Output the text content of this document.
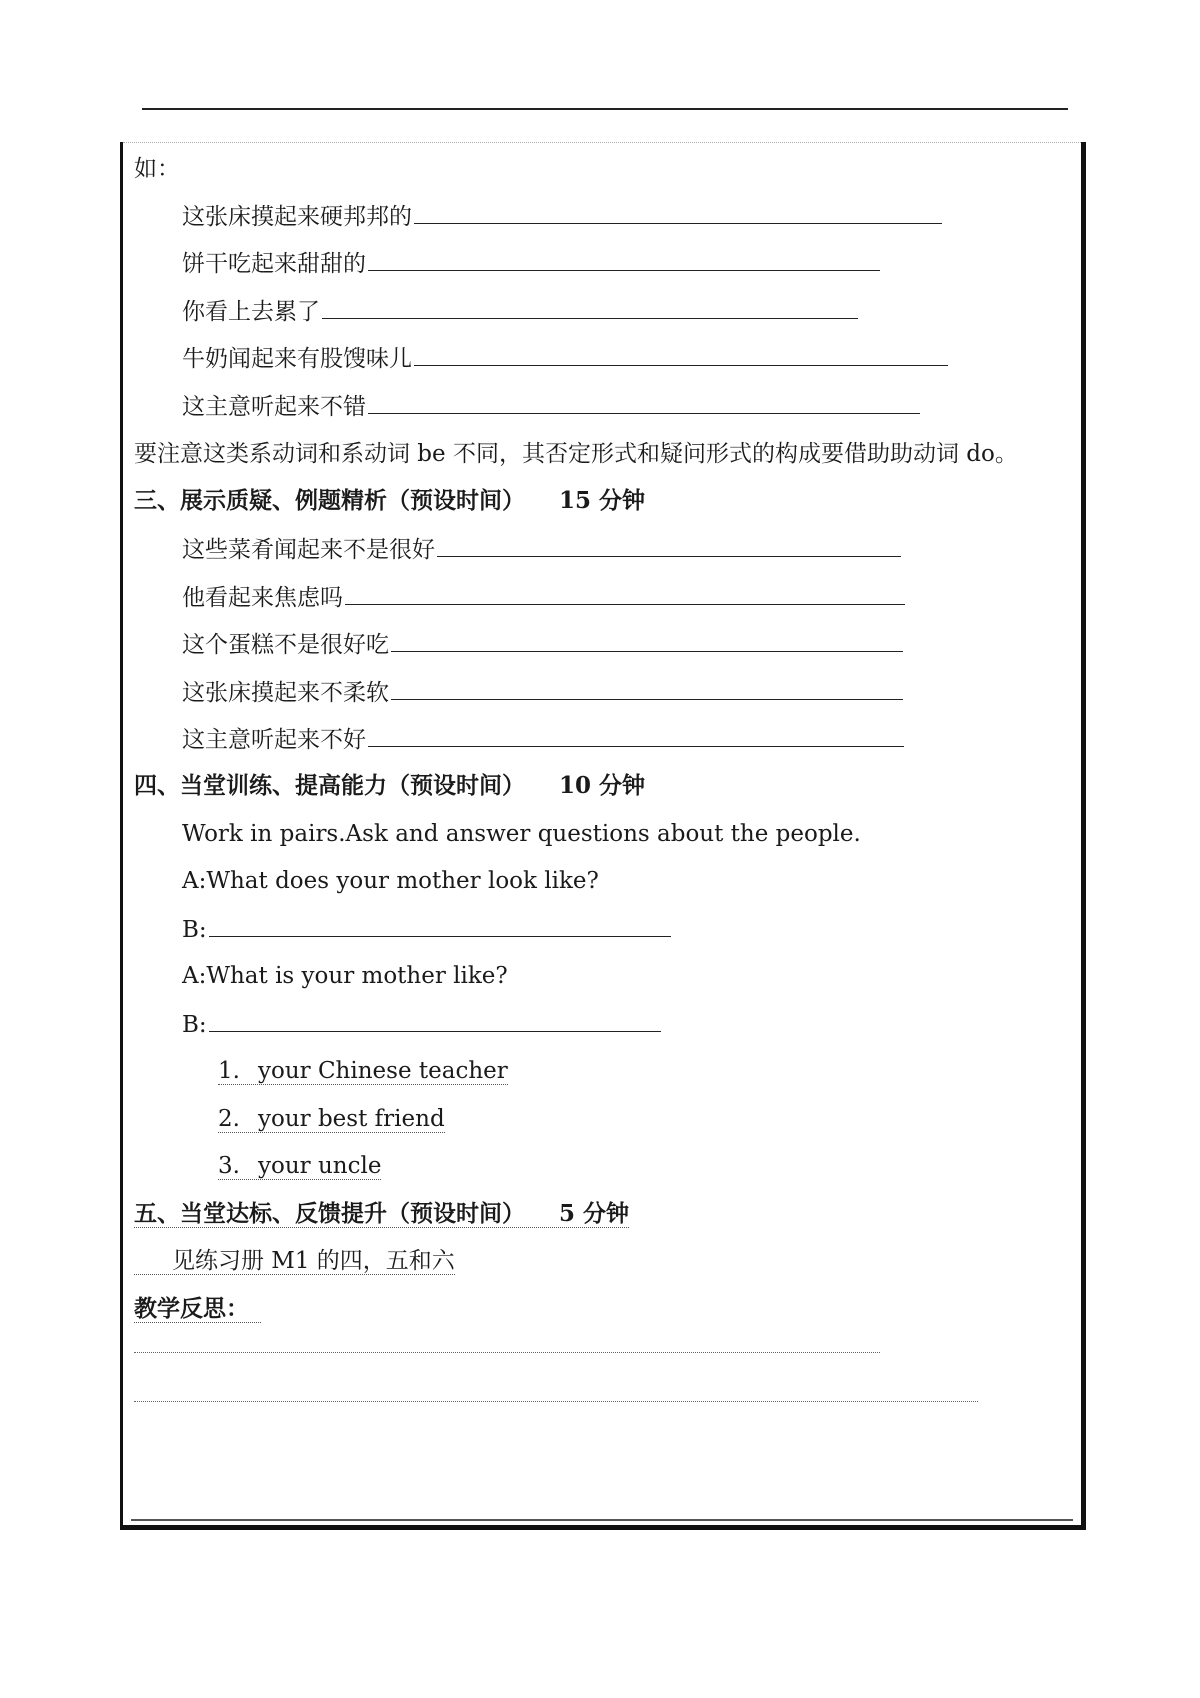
如：
这张床摸起来硬邦邦的
饼干吃起来甜甜的
你看上去累了
牛奶闻起来有股馊味儿
这主意听起来不错
要注意这类系动词和系动词 be 不同，其否定形式和疑问形式的构成要借助助动词 do。
三、展示质疑、例题精析（预设时间） 15 分钟
这些菜肴闻起来不是很好
他看起来焦虑吗
这个蛋糕不是很好吃
这张床摸起来不柔软
这主意听起来不好
四、当堂训练、提高能力（预设时间） 10 分钟
Work in pairs.Ask and answer questions about the people.
A:What does your mother look like?
B:
A:What is your mother like?
B:
1. your Chinese teacher
2. your best friend
3. your uncle
五、当堂达标、反馈提升（预设时间） 5 分钟
见练习册 M1 的四，五和六
教学反思：
